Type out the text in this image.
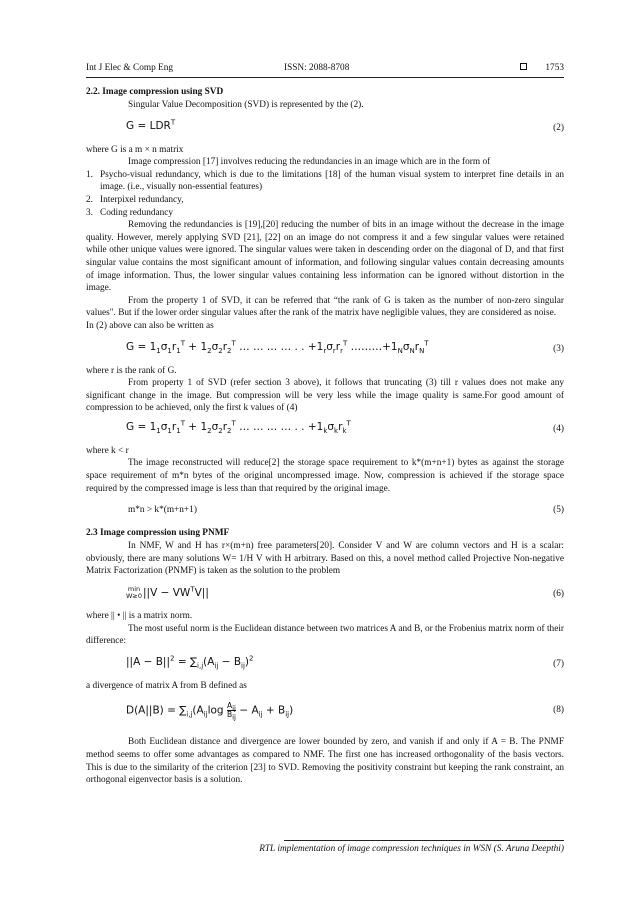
Int J Elec & Comp Eng	ISSN: 2088-8708	1753
2.2. Image compression using SVD

Singular Value Decomposition (SVD) is represented by the (2).

$G = LDR^T$
(2)

where G is a m × n matrix

Image compression [17] involves reducing the redundancies in an image which are in the form of

1. Psycho-visual redundancy, which is due to the limitations [18] of the human visual system to interpret fine details in an image. (i.e., visually non-essential features)
2. Interpixel redundancy,
3. Coding redundancy

Removing the redundancies is [19],[20] reducing the number of bits in an image without the decrease in the image quality. However, merely applying SVD [21], [22] on an image do not compress it and a few singular values were retained while other unique values were ignored. The singular values were taken in descending order on the diagonal of D, and that first singular value contains the most significant amount of information, and following singular values contain decreasing amounts of image information. Thus, the lower singular values containing less information can be ignored without distortion in the image.

From the property 1 of SVD, it can be referred that “the rank of G is taken as the number of non-zero singular values". But if the lower order singular values after the rank of the matrix have negligible values, they are considered as noise.

In (2) above can also be written as

$G = 1_1\sigma_1r_1^T + 1_2\sigma_2r_2^T$ … … … … . . $+1_r\sigma_rr_r^T$ $\dots\dots\dots+1_N\sigma_Nr_N^T$
(3)

where r is the rank of G.

From property 1 of SVD (refer section 3 above), it follows that truncating (3) till r values does not make any significant change in the image. But compression will be very less while the image quality is same.For good amount of compression to be achieved, only the first k values of (4)

$G = 1_1\sigma_1r_1^T + 1_2\sigma_2r_2^T$ … … … … . . $+1_k\sigma_kr_k^T$
(4)

where k < r

The image reconstructed will reduce[2] the storage space requirement to k*(m+n+1) bytes as against the storage space requirement of m*n bytes of the original uncompressed image. Now, compression is achieved if the storage space required by the compressed image is less than that required by the original image.

m*n > k*(m+n+1)	(5)
2.3 Image compression using PNMF

In NMF, W and H has r×(m+n) free parameters[20]. Consider V and W are column vectors and H is a scalar: obviously, there are many solutions W= 1/H V with H arbitrary. Based on this, a novel method called Projective Non-negative Matrix Factorization (PNMF) is taken as the solution to the problem

min
W≥0 $||V - VW^TV||$	(6)

where || • || is a matrix norm.

The most useful norm is the Euclidean distance between two matrices A and B, or the Frobenius matrix norm of their difference:

$||A - B||^2 = \sum_{i,j}(A_{ij} - B_{ij})^2$
(7)

a divergence of matrix A from B defined as

$D(A||B) = \sum_{i,j}(A_{ij}\log \frac{A_{ij}}{B_{ij}} - A_{ij} + B_{ij})$	(8)

Both Euclidean distance and divergence are lower bounded by zero, and vanish if and only if A = B. The PNMF method seems to offer some advantages as compared to NMF. The first one has increased orthogonality of the basis vectors. This is due to the similarity of the criterion [23] to SVD. Removing the positivity constraint but keeping the rank constraint, an orthogonal eigenvector basis is a solution.

RTL implementation of image compression techniques in WSN (S. Aruna Deepthi)
